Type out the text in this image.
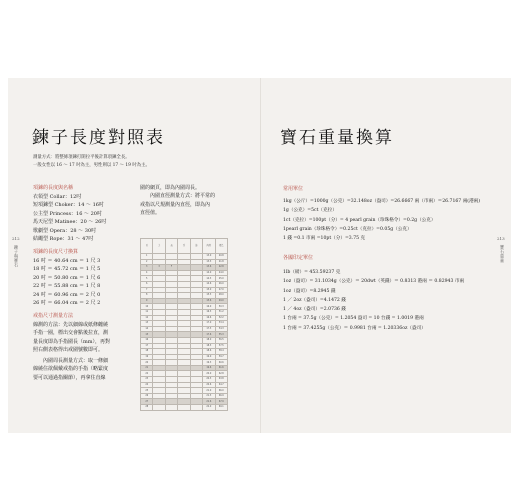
錬子與寶石
212
鍊子長度對照表
測量方式：將整條項鍊打開拉平後計算項鍊全長。
一般女性以 16 ～ 17 吋為主，男性則以 17 ～ 19 吋為主。
項鍊的長度與名稱
衣領型 Collar：12吋
短項鍊型 Choker：14 ～ 16吋
公主型 Princess：16 ～ 20吋
馬天尼型 Matinee：20 ～ 26吋
歌劇型 Opera：28 ～ 30吋
結繩型 Rope：31 ～ 47吋
項鍊的長度尺寸換算
16 吋 ＝ 40.64 cm ＝ 1 尺 3
18 吋 ＝ 45.72 cm ＝ 1 尺 5
20 吋 ＝ 50.80 cm ＝ 1 尺 6
22 吋 ＝ 55.88 cm ＝ 1 尺 8
24 吋 ＝ 60.96 cm ＝ 2 尺 0
26 吋 ＝ 66.04 cm ＝ 2 尺 2
戒指尺寸測量方法
線測的方法：先以細線或紙條纏繞
手指一圈，標出交會點後拉直，測
量長度即為手指圍長（mm），再對
照右側表格得出戒圍號數即可。
內圍周長測量方式：取一條細
線繞住欲佩戴戒指的手指（略緊度
要可以通過指關節），再拿住直線
圍的網頁，即為內圍周長。
內圍直徑測量方式：將平常的
戒指以尺規測量內直徑，即為內
直徑值。
日	美	英	香	港	內徑	周長
1					13.0	40.8
2					13.3	41.8
3	3	F			13.6	42.8
4					14.0	44.0
5					14.3	45.0
6					14.6	46.0
7					15.0	47.0
8					15.3	48.0
9					15.6	49.0
10					16.0	50.3
11					16.3	51.2
12					16.6	52.2
13					17.0	53.4
14					17.3	54.3
15					17.6	55.3
16					18.0	56.5
17					18.3	57.5
18					18.6	58.4
19					19.0	59.7
20					19.3	60.6
21					19.6	61.6
22					20.0	62.8
23					20.3	63.8
24					20.6	64.7
25					21.0	66.0
26					21.3	66.9
27					21.6	67.9
28					22.0	69.1
寶石重量
213
寶石重量換算
常用單位
1kg（公斤）=1000g（公克）=32.148oz（盎司）=26.6667 兩（市兩）＝26.7167 兩(港兩)
1g（公克）=5ct（克拉）
1ct（克拉）=100pt（分）= 4 pearl grain（珍珠格令）=0.2g（公克）
1pearl grain（珍珠格令）=0.25ct（克拉）=0.05g（公克）
1 錢 =0.1 市兩 =10pt（分）=3.75 克
各國印定單位
1lb（磅）= 453.59237 克
1oz（盎司）= 31.1034g（公克）＝ 20dwt（英錢）＝ 0.8313 港兩 ＝ 0.82943 市兩
1oz（盎司）=8.2945 錢
1 ／ 2oz（盎司）=4.1472 錢
1 ／ 4oz（盎司）=2.0736 錢
1 台兩 = 37.5g（公克）= 1.2054 盎司 = 10 台錢 = 1.0019 港兩
1 台兩 = 37.4255g（公克）＝ 0.9981 台兩 = 1.20336oz（盎司）
